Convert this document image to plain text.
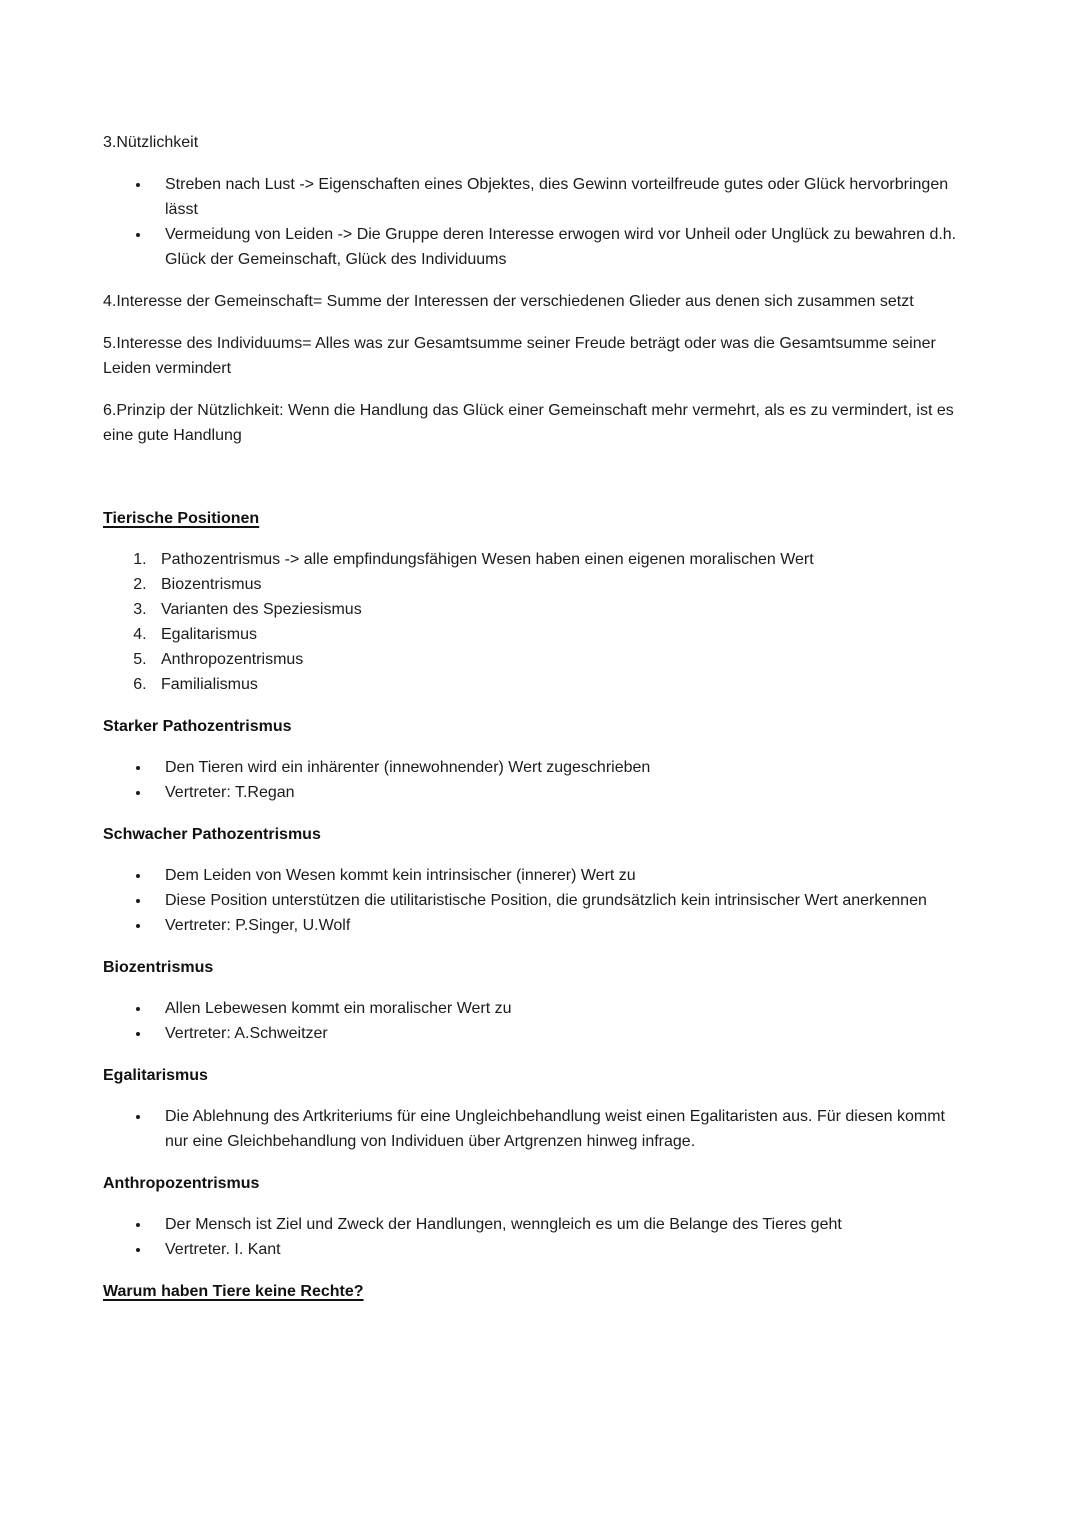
3.Nützlichkeit

• Streben nach Lust -> Eigenschaften eines Objektes, dies Gewinn vorteilfreude gutes oder Glück hervorbringen lässt
• Vermeidung von Leiden -> Die Gruppe deren Interesse erwogen wird vor Unheil oder Unglück zu bewahren d.h. Glück der Gemeinschaft, Glück des Individuums

4.Interesse der Gemeinschaft= Summe der Interessen der verschiedenen Glieder aus denen sich zusammen setzt

5.Interesse des Individuums= Alles was zur Gesamtsumme seiner Freude beträgt oder was die Gesamtsumme seiner Leiden vermindert

6.Prinzip der Nützlichkeit: Wenn die Handlung das Glück einer Gemeinschaft mehr vermehrt, als es zu vermindert, ist es eine gute Handlung

Tierische Positionen
1. Pathozentrismus -> alle empfindungsfähigen Wesen haben einen eigenen moralischen Wert
2. Biozentrismus
3. Varianten des Speziesismus
4. Egalitarismus
5. Anthropozentrismus
6. Familialismus
Starker Pathozentrismus
• Den Tieren wird ein inhärenter (innewohnender) Wert zugeschrieben
• Vertreter: T.Regan
Schwacher Pathozentrismus
• Dem Leiden von Wesen kommt kein intrinsischer (innerer) Wert zu
• Diese Position unterstützen die utilitaristische Position, die grundsätzlich kein intrinsischer Wert anerkennen
• Vertreter: P.Singer, U.Wolf
Biozentrismus
• Allen Lebewesen kommt ein moralischer Wert zu
• Vertreter: A.Schweitzer
Egalitarismus
• Die Ablehnung des Artkriteriums für eine Ungleichbehandlung weist einen Egalitaristen aus. Für diesen kommt nur eine Gleichbehandlung von Individuen über Artgrenzen hinweg infrage.
Anthropozentrismus
• Der Mensch ist Ziel und Zweck der Handlungen, wenngleich es um die Belange des Tieres geht
• Vertreter. I. Kant
Warum haben Tiere keine Rechte?
